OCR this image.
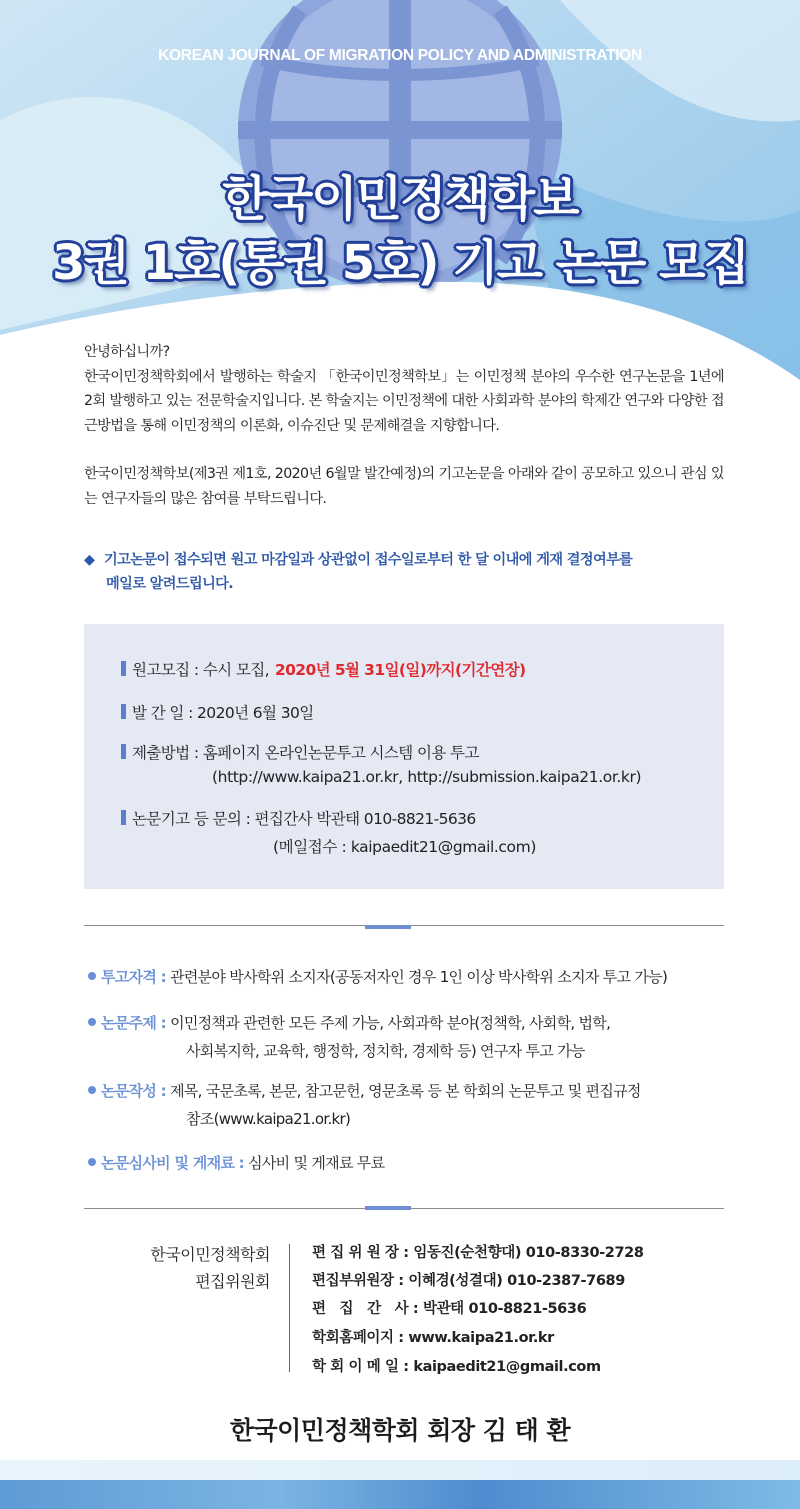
KOREAN JOURNAL OF MIGRATION POLICY AND ADMINISTRATION
한국이민정책학보
3권 1호(통권 5호) 기고 논문 모집

안녕하십니까?

한국이민정책학회에서 발행하는 학술지 「한국이민정책학보」는 이민정책 분야의 우수한 연구논문을 1년에 2회 발행하고 있는 전문학술지입니다. 본 학술지는 이민정책에 대한 사회과학 분야의 학제간 연구와 다양한 접근방법을 통해 이민정책의 이론화, 이슈진단 및 문제해결을 지향합니다.

한국이민정책학보(제3권 제1호, 2020년 6월말 발간예정)의 기고논문을 아래와 같이 공모하고 있으니 관심 있는 연구자들의 많은 참여를 부탁드립니다.

◆ 기고논문이 접수되면 원고 마감일과 상관없이 접수일로부터 한 달 이내에 게재 결정여부를
메일로 알려드립니다.
원고모집 : 수시 모집, 2020년 5월 31일(일)까지(기간연장)
발 간 일 : 2020년 6월 30일
제출방법 : 홈페이지 온라인논문투고 시스템 이용 투고
(http://www.kaipa21.or.kr, http://submission.kaipa21.or.kr)
논문기고 등 문의 : 편집간사 박관태 010-8821-5636
(메일접수 : kaipaedit21@gmail.com)
투고자격 : 관련분야 박사학위 소지자(공동저자인 경우 1인 이상 박사학위 소지자 투고 가능)
논문주제 : 이민정책과 관련한 모든 주제 가능, 사회과학 분야(정책학, 사회학, 법학,
사회복지학, 교육학, 행정학, 정치학, 경제학 등) 연구자 투고 가능
논문작성 : 제목, 국문초록, 본문, 참고문헌, 영문초록 등 본 학회의 논문투고 및 편집규정
참조(www.kaipa21.or.kr)
논문심사비 및 게재료 : 심사비 및 게재료 무료
한국이민정책학회
편집위원회
편 집 위 원 장 : 임동진(순천향대) 010-8330-2728
편집부위원장 : 이혜경(성결대) 010-2387-7689
편   집   간   사 : 박관태 010-8821-5636
학회홈페이지 : www.kaipa21.or.kr
학 회 이 메 일 : kaipaedit21@gmail.com
한국이민정책학회 회장 김 태 환
